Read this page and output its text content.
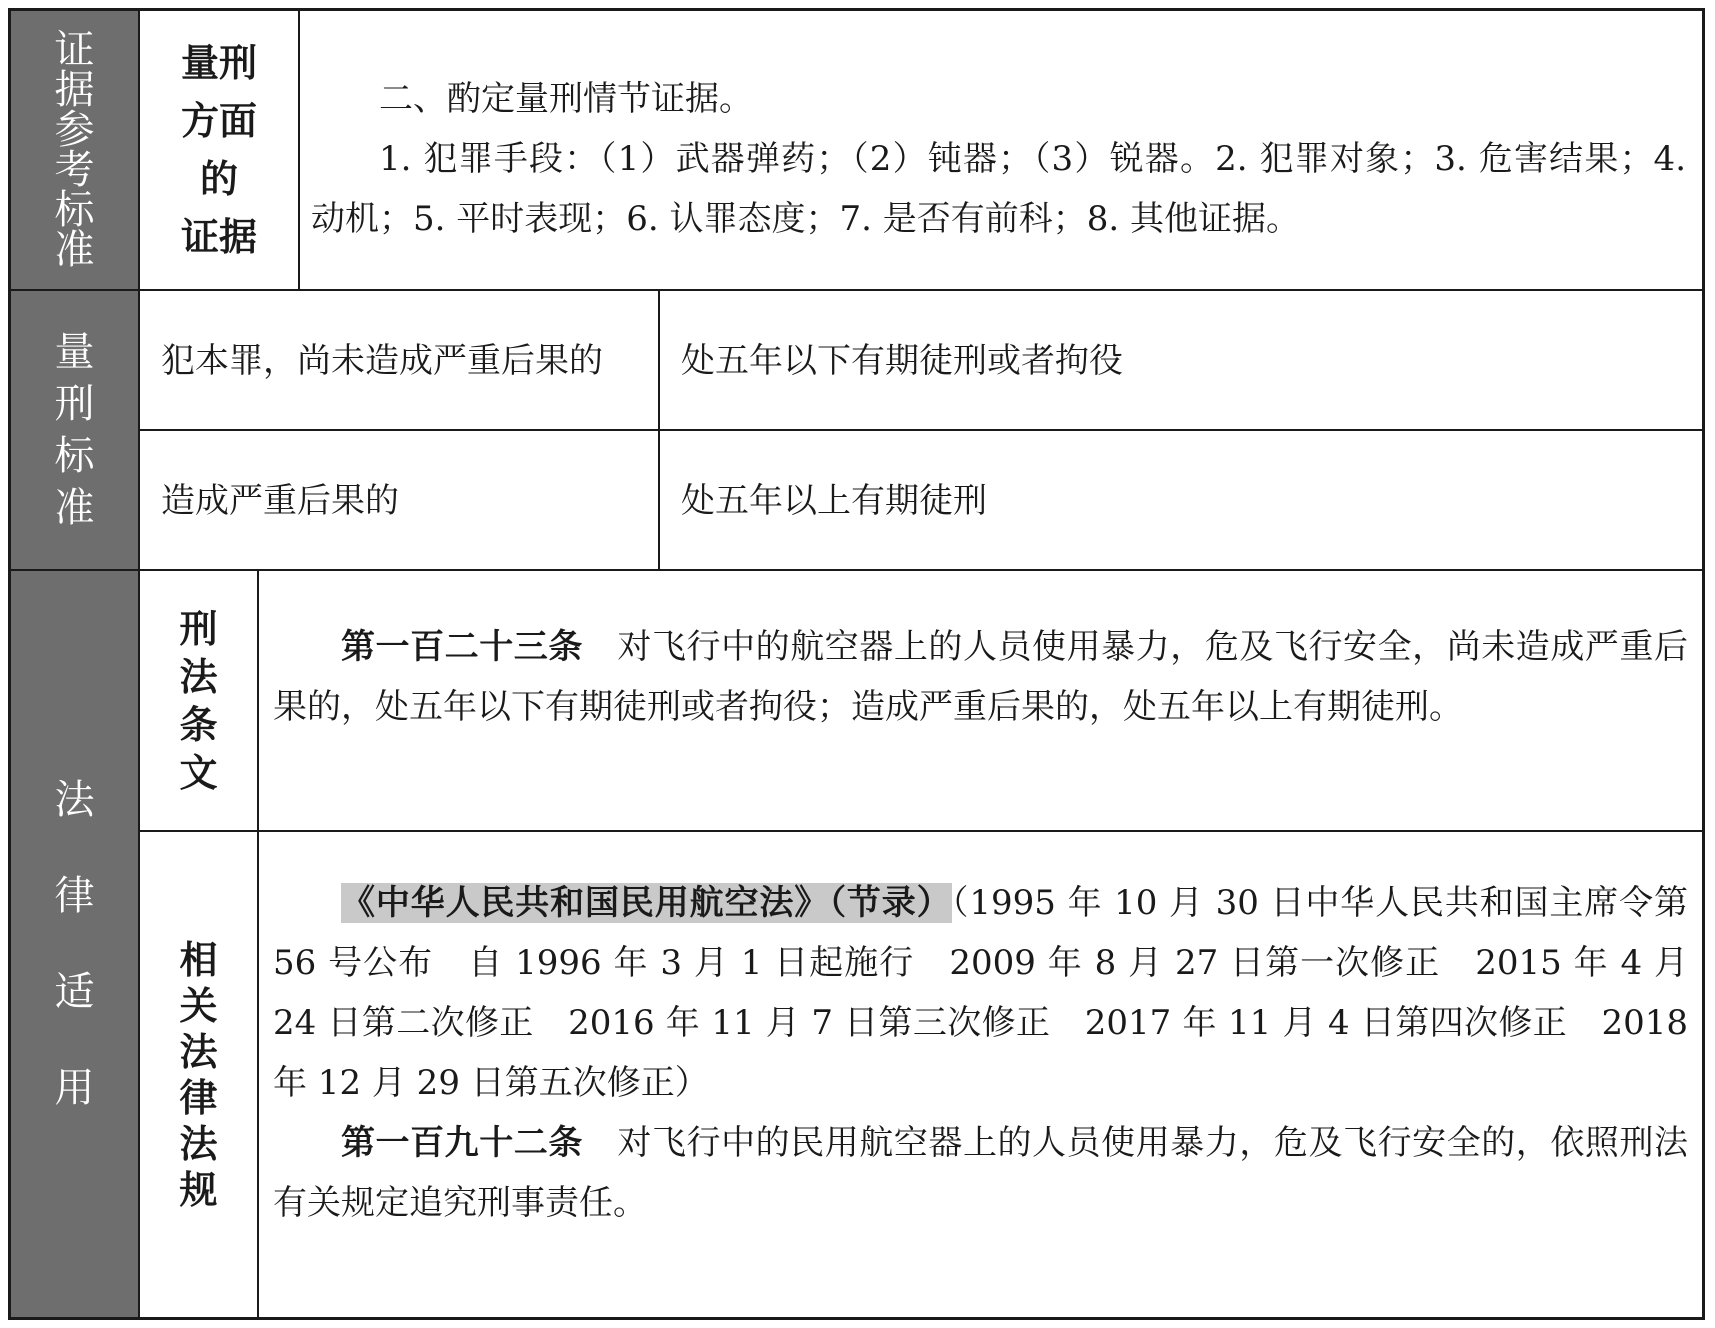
证
据
参
考
标
准
量刑
方面
的
证据

二、酌定量刑情节证据。

1. 犯罪手段：（1）武器弹药；（2）钝器；（3）锐器。2. 犯罪对象；3. 危害结果；4. 动机；5. 平时表现；6. 认罪态度；7. 是否有前科；8. 其他证据。

量
刑
标
准
犯本罪，尚未造成严重后果的 处五年以下有期徒刑或者拘役
造成严重后果的	处五年以上有期徒刑
法
律
适
用
刑
法
条
文

第一百二十三条　对飞行中的航空器上的人员使用暴力，危及飞行安全，尚未造成严重后果的，处五年以下有期徒刑或者拘役；造成严重后果的，处五年以上有期徒刑。

相
关
法
律
法
规

《中华人民共和国民用航空法》（节录）（1995 年 10 月 30 日中华人民共和国主席令第 56 号公布　自 1996 年 3 月 1 日起施行　2009 年 8 月 27 日第一次修正　2015 年 4 月 24 日第二次修正　2016 年 11 月 7 日第三次修正　2017 年 11 月 4 日第四次修正　2018 年 12 月 29 日第五次修正）

第一百九十二条　对飞行中的民用航空器上的人员使用暴力，危及飞行安全的，依照刑法有关规定追究刑事责任。
